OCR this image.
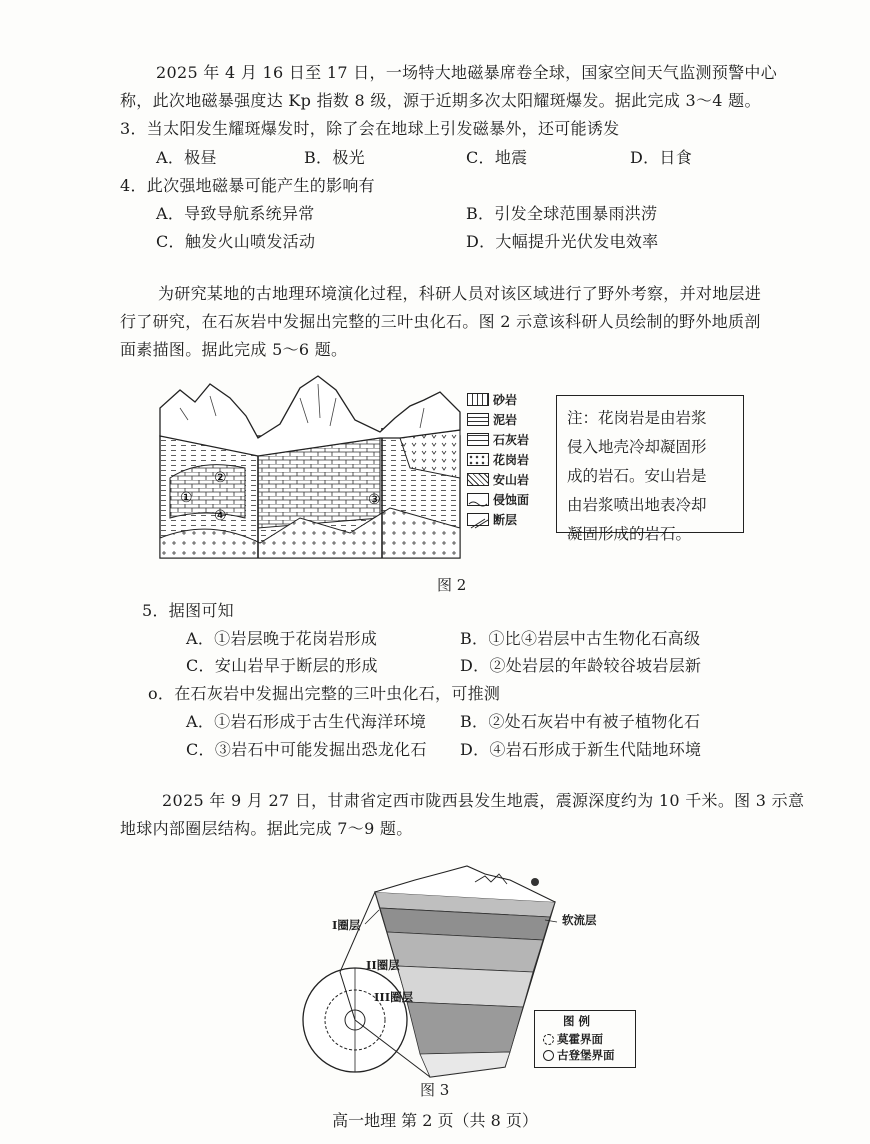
2025 年 4 月 16 日至 17 日，一场特大地磁暴席卷全球，国家空间天气监测预警中心
称，此次地磁暴强度达 Kp 指数 8 级，源于近期多次太阳耀斑爆发。据此完成 3～4 题。
3．当太阳发生耀斑爆发时，除了会在地球上引发磁暴外，还可能诱发
A．极昼	B．极光	C．地震	D．日食
4．此次强地磁暴可能产生的影响有
A．导致导航系统异常	B．引发全球范围暴雨洪涝
C．触发火山喷发活动	D．大幅提升光伏发电效率
为研究某地的古地理环境演化过程，科研人员对该区域进行了野外考察，并对地层进
行了研究，在石灰岩中发掘出完整的三叶虫化石。图 2 示意该科研人员绘制的野外地质剖
面素描图。据此完成 5～6 题。
①
②
③
④
砂岩
泥岩
石灰岩
花岗岩
安山岩
侵蚀面
断层
注：花岗岩是由岩浆
侵入地壳冷却凝固形
成的岩石。安山岩是
由岩浆喷出地表冷却
凝固形成的岩石。
图 2
5．据图可知
A．①岩层晚于花岗岩形成	B．①比④岩层中古生物化石高级
C．安山岩早于断层的形成	D．②处岩层的年龄较谷坡岩层新
o．在石灰岩中发掘出完整的三叶虫化石，可推测
A．①岩石形成于古生代海洋环境 B．②处石灰岩中有被子植物化石
C．③岩石中可能发掘出恐龙化石 D．④岩石形成于新生代陆地环境
2025 年 9 月 27 日，甘肃省定西市陇西县发生地震，震源深度约为 10 千米。图 3 示意
地球内部圈层结构。据此完成 7～9 题。
I圈层
II圈层
III圈层
软流层
图 例
莫霍界面
古登堡界面
图 3
高一地理 第 2 页（共 8 页）
